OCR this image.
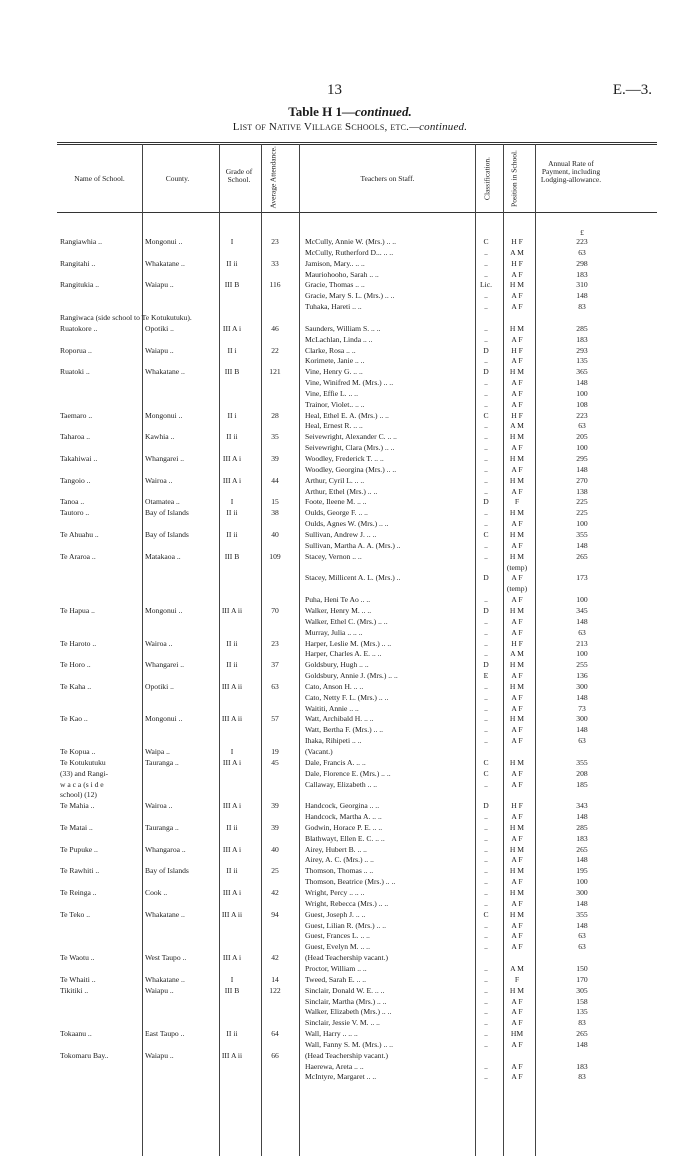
13	E.—3.
Table H 1—continued.
List of Native Village Schools, etc.—continued.
Name of School.	County.
Grade of School.	Average Attendance.	Teachers on Staff.	Classification. Position in School.	Annual Rate of Payment, including Lodging-allowance.
£
Rangiawhia ..	Mongonui ..	I	23	McCully, Annie W. (Mrs.) .. ..	C	H F	223
McCully, Rutherford D... .. ..	..	A M	63
Rangitahi ..	Whakatane ..	II ii	33	Jamison, Mary.. .. ..	..	H F	298
Mauriohooho, Sarah .. ..	..	A F	183
Rangitukia ..	Waiapu ..	III B	116	Gracie, Thomas .. ..	Lic.	H M	310
Gracie, Mary S. L. (Mrs.) .. ..	..	A F	148
Tuhaka, Hareti .. ..	..	A F	83
Rangiwaca (side school to Te Kotukutuku).
Ruatokore ..	Opotiki ..	III A i	46	Saunders, William S. .. ..	..	H M	285
McLachlan, Linda .. ..	..	A F	183
Roporua ..	Waiapu ..	II i	22	Clarke, Rosa .. ..	D	H F	293
Korimete, Janie .. ..	..	A F	135
Ruatoki ..	Whakatane ..	III B	121	Vine, Henry G. .. ..	D	H M	365
Vine, Winifred M. (Mrs.) .. ..	..	A F	148
Vine, Effie L. .. ..	..	A F	100
Trainor, Violet.. .. ..	..	A F	108
Taemaro ..	Mongonui ..	II i	28	Heal, Ethel E. A. (Mrs.) .. ..	C	H F	223
Heal, Ernest R. .. ..	..	A M	63
Taharoa ..	Kawhia ..	II ii	35	Seivewright, Alexander C. .. ..	..	H M	205
Seivewright, Clara (Mrs.) .. ..	..	A F	100
Takahiwai ..	Whangarei ..	III A i	39	Woodley, Frederick T. .. ..	..	H M	295
Woodley, Georgina (Mrs.) .. ..	..	A F	148
Tangoio ..	Wairoa ..	III A i	44	Arthur, Cyril L. .. ..	..	H M	270
Arthur, Ethel (Mrs.) .. ..	..	A F	138
Tanoa ..	Otamatea ..	I	15	Foote, Ileene M. .. ..	D	F	225
Tautoro ..	Bay of Islands	II ii	38	Oulds, George F. .. ..	..	H M	225
Oulds, Agnes W. (Mrs.) .. ..	..	A F	100
Te Ahuahu ..	Bay of Islands	II ii	40	Sullivan, Andrew J. .. ..	C	H M	355
Sullivan, Martha A. A. (Mrs.) ..	..	A F	148
Te Araroa ..	Matakaoa ..	III B	109	Stacey, Vernon .. ..	..	H M	265
(temp)
Stacey, Millicent A. L. (Mrs.) ..	D	A F	173
(temp)
Puha, Heni Te Ao .. ..	..	A F	100
Te Hapua ..	Mongonui ..	III A ii	70	Walker, Henry M. .. ..	D	H M	345
Walker, Ethel C. (Mrs.) .. ..	..	A F	148
Murray, Julia .. .. ..	..	A F	63
Te Haroto ..	Wairoa ..	II ii	23	Harper, Leslie M. (Mrs.) .. ..	..	H F	213
Harper, Charles A. E. .. ..	..	A M	100
Te Horo ..	Whangarei ..	II ii	37	Goldsbury, Hugh .. ..	D	H M	255
Goldsbury, Annie J. (Mrs.) .. ..	E	A F	136
Te Kaha ..	Opotiki ..	III A ii	63	Cato, Anson H. .. ..	..	H M	300
Cato, Netty F. L. (Mrs.) .. ..	..	A F	148
Waititi, Annie .. ..	..	A F	73
Te Kao ..	Mongonui ..	III A ii	57	Watt, Archibald H. .. ..	..	H M	300
Watt, Bertha F. (Mrs.) .. ..	..	A F	148
Ihaka, Rihipeti .. ..	..	A F	63
Te Kopua ..	Waipa ..	I	19	(Vacant.)
Te Kotukutuku	Tauranga ..	III A i	45	Dale, Francis A. .. ..	C	H M	355
(33) and Rangi-	Dale, Florence E. (Mrs.) .. ..	C	A F	208
w a c a (s i d e	Callaway, Elizabeth .. ..	..	A F	185
school) (12)
Te Mahia ..	Wairoa ..	III A i	39	Handcock, Georgina .. ..	D	H F	343
Handcock, Martha A. .. ..	..	A F	148
Te Matai ..	Tauranga ..	II ii	39	Godwin, Horace P. E. .. ..	..	H M	285
Blathwayt, Ellen E. C. .. ..	..	A F	183
Te Pupuke ..	Whangaroa ..	III A i	40	Airey, Hubert B. .. ..	..	H M	265
Airey, A. C. (Mrs.) .. ..	..	A F	148
Te Rawhiti ..	Bay of Islands	II ii	25	Thomson, Thomas .. ..	..	H M	195
Thomson, Beatrice (Mrs.) .. ..	..	A F	100
Te Reinga ..	Cook ..	III A i	42	Wright, Percy .. .. ..	..	H M	300
Wright, Rebecca (Mrs.) .. ..	..	A F	148
Te Teko ..	Whakatane ..	III A ii	94	Guest, Joseph J. .. ..	C	H M	355
Guest, Lilian R. (Mrs.) .. ..	..	A F	148
Guest, Frances L. .. ..	..	A F	63
Guest, Evelyn M. .. ..	..	A F	63
Te Waotu ..	West Taupo ..	III A i	42	(Head Teachership vacant.)
Proctor, William .. ..	..	A M	150
Te Whaiti ..	Whakatane ..	I	14	Tweed, Sarah E. .. ..	..	F	170
Tikitiki ..	Waiapu ..	III B	122	Sinclair, Donald W. E. .. ..	..	H M	305
Sinclair, Martha (Mrs.) .. ..	..	A F	158
Walker, Elizabeth (Mrs.) .. ..	..	A F	135
Sinclair, Jessie V. M. .. ..	..	A F	83
Tokaanu ..	East Taupo ..	II ii	64	Wall, Harry .. .. ..	..	HM	265
Wall, Fanny S. M. (Mrs.) .. ..	..	A F	148
Tokomaru Bay..	Waiapu ..	III A ii	66	(Head Teachership vacant.)
Haerewa, Areta .. ..	..	A F	183
McIntyre, Margaret .. ..	..	A F	83
